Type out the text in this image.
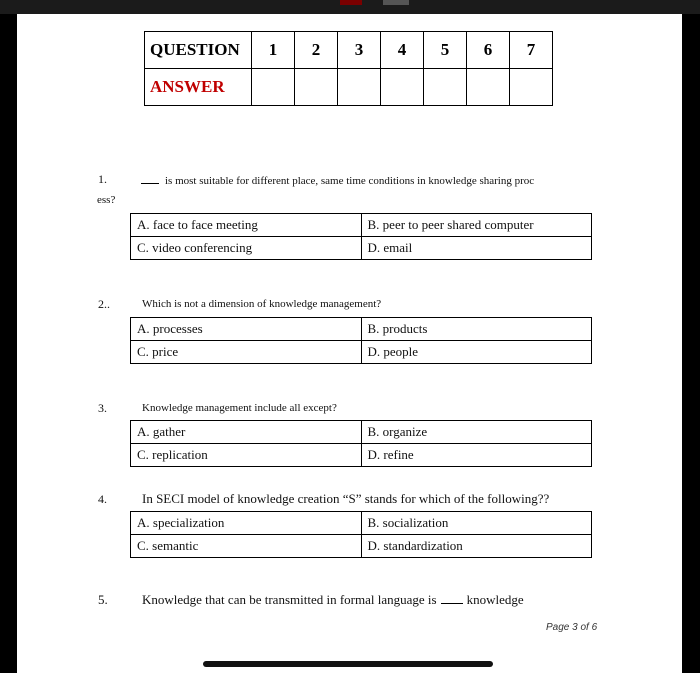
QUESTION	1	2	3	4	5	6	7
ANSWER							
1.	is most suitable for different place, same time conditions in knowledge sharing proc
ess?
A. face to face meeting	B. peer to peer shared computer
C. video conferencing	D. email
2..	Which is not a dimension of knowledge management?
A. processes	B. products
C. price	D. people
3.	Knowledge management include all except?
A. gather	B. organize
C. replication	D. refine
4.	In SECI model of knowledge creation “S” stands for which of the following??
A. specialization	B. socialization
C. semantic	D. standardization
5.	Knowledge that can be transmitted in formal language is knowledge
Page 3 of 6
